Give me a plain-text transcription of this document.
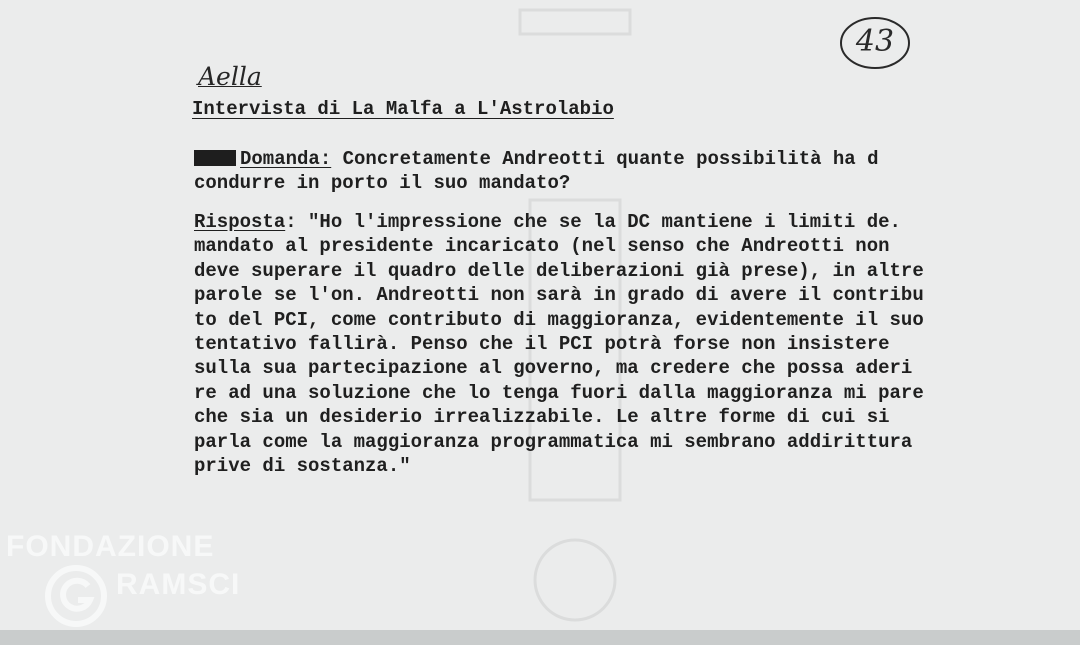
FONDAZIONE
RAMSCI
43
Aella
Intervista di La Malfa a L'Astrolabio
Domanda: Concretamente Andreotti quante possibilità ha d
condurre in porto il suo mandato?
Risposta: "Ho l'impressione che se la DC mantiene i limiti de.
mandato al presidente incaricato (nel senso che Andreotti non
deve superare il quadro delle deliberazioni già prese), in altre
parole se l'on. Andreotti non sarà in grado di avere il contribu
to del PCI, come contributo di maggioranza, evidentemente il suo
tentativo fallirà. Penso che il PCI potrà forse non insistere
sulla sua partecipazione al governo, ma credere che possa aderi
re ad una soluzione che lo tenga fuori dalla maggioranza mi pare
che sia un desiderio irrealizzabile. Le altre forme di cui si
parla come la maggioranza programmatica mi sembrano addirittura
prive di sostanza."
